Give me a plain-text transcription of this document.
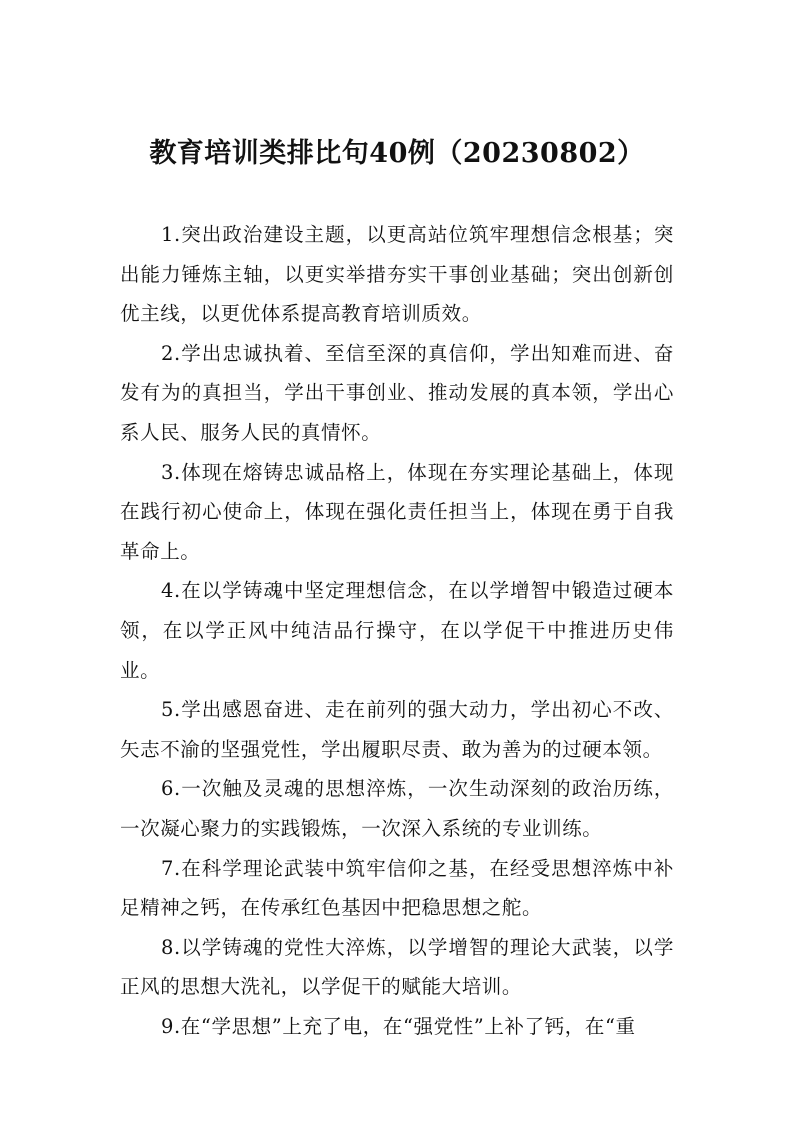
教育培训类排比句40例（20230802）

1.突出政治建设主题，以更高站位筑牢理想信念根基；突出能力锤炼主轴，以更实举措夯实干事创业基础；突出创新创优主线，以更优体系提高教育培训质效。

2.学出忠诚执着、至信至深的真信仰，学出知难而进、奋发有为的真担当，学出干事创业、推动发展的真本领，学出心系人民、服务人民的真情怀。

3.体现在熔铸忠诚品格上，体现在夯实理论基础上，体现在践行初心使命上，体现在强化责任担当上，体现在勇于自我革命上。

4.在以学铸魂中坚定理想信念，在以学增智中锻造过硬本领，在以学正风中纯洁品行操守，在以学促干中推进历史伟业。

5.学出感恩奋进、走在前列的强大动力，学出初心不改、矢志不渝的坚强党性，学出履职尽责、敢为善为的过硬本领。

6.一次触及灵魂的思想淬炼，一次生动深刻的政治历练，一次凝心聚力的实践锻炼，一次深入系统的专业训练。

7.在科学理论武装中筑牢信仰之基，在经受思想淬炼中补足精神之钙，在传承红色基因中把稳思想之舵。

8.以学铸魂的党性大淬炼，以学增智的理论大武装，以学正风的思想大洗礼，以学促干的赋能大培训。

9.在“学思想”上充了电，在“强党性”上补了钙，在“重
